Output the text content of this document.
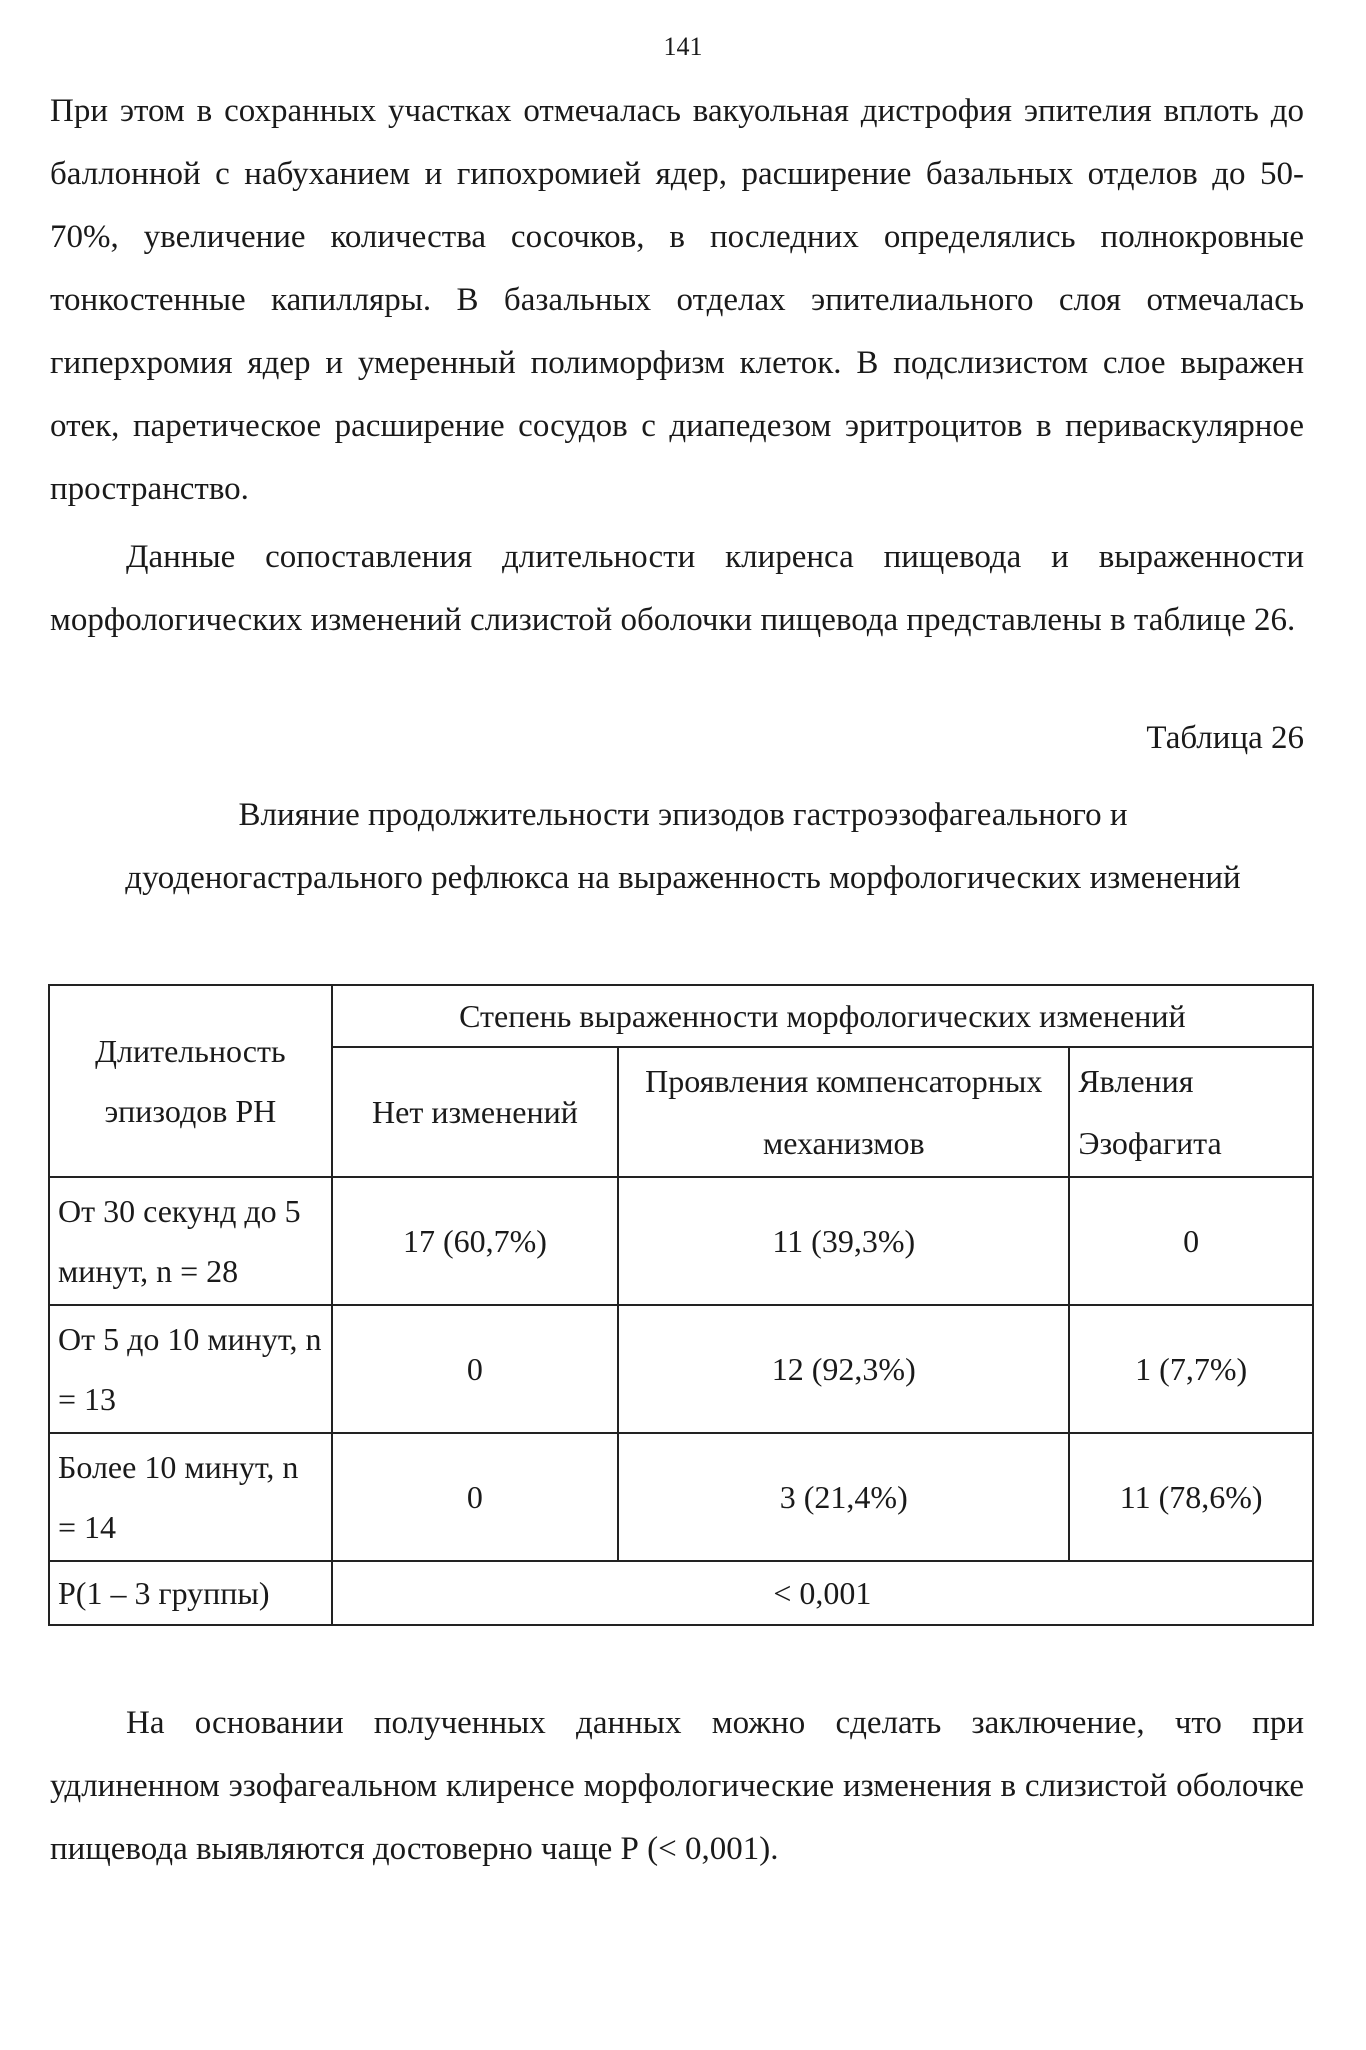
141

При этом в сохранных участках отмечалась вакуольная дистрофия эпителия вплоть до баллонной с набуханием и гипохромией ядер, расширение базальных отделов до 50-70%, увеличение количества сосочков, в последних определялись полнокровные тонкостенные капилляры. В базальных отделах эпителиального слоя отмечалась гиперхромия ядер и умеренный полиморфизм клеток. В подслизистом слое выражен отек, паретическое расширение сосудов с диапедезом эритроцитов в периваскулярное пространство.

Данные сопоставления длительности клиренса пищевода и выраженности морфологических изменений слизистой оболочки пищевода представлены в таблице 26.

Таблица 26
Влияние продолжительности эпизодов гастроэзофагеального и дуоденогастрального рефлюкса на выраженность морфологических изменений
Длительность эпизодов РН	Степень выраженности морфологических изменений		

	Нет изменений	Проявления компенсаторных механизмов	Явления Эзофагита
От 30 секунд до 5 минут, n = 28	17 (60,7%)	11 (39,3%)	0
От 5 до 10 минут, n = 13	0	12 (92,3%)	1 (7,7%)
Более 10 минут, n = 14	0	3 (21,4%)	11 (78,6%)
Р(1 – 3 группы)	< 0,001		

На основании полученных данных можно сделать заключение, что при удлиненном эзофагеальном клиренсе морфологические изменения в слизистой оболочке пищевода выявляются достоверно чаще Р (< 0,001).
